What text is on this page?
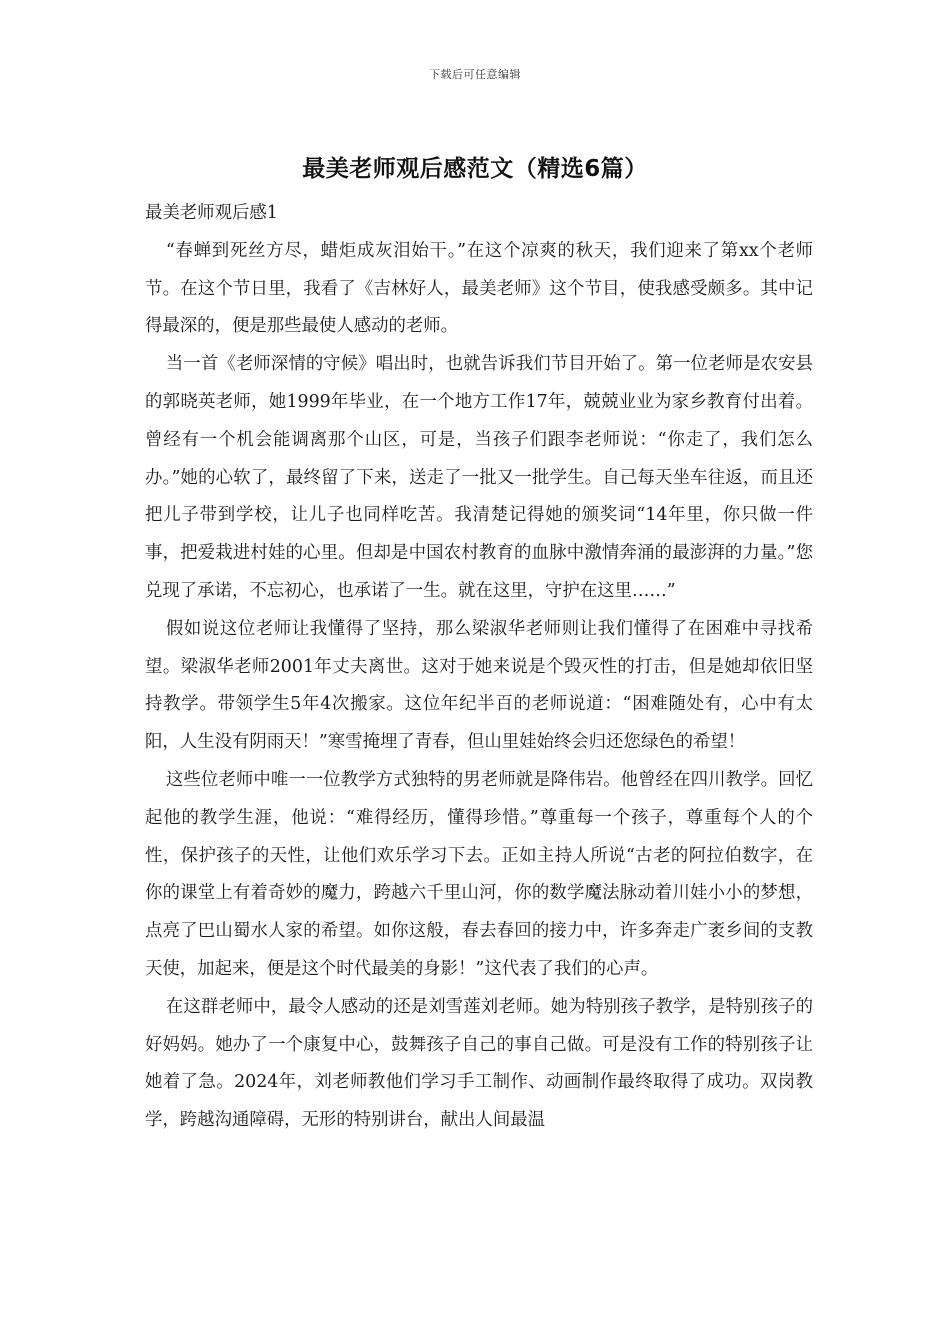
下载后可任意编辑
最美老师观后感范文（精选6篇）

最美老师观后感1

“春蝉到死丝方尽，蜡炬成灰泪始干。”在这个凉爽的秋天，我们迎来了第xx个老师节。在这个节日里，我看了《吉林好人，最美老师》这个节目，使我感受颇多。其中记得最深的，便是那些最使人感动的老师。

当一首《老师深情的守候》唱出时，也就告诉我们节目开始了。第一位老师是农安县的郭晓英老师，她1999年毕业，在一个地方工作17年，兢兢业业为家乡教育付出着。曾经有一个机会能调离那个山区，可是，当孩子们跟李老师说：“你走了，我们怎么办。”她的心软了，最终留了下来，送走了一批又一批学生。自己每天坐车往返，而且还把儿子带到学校，让儿子也同样吃苦。我清楚记得她的颁奖词“14年里，你只做一件事，把爱栽进村娃的心里。但却是中国农村教育的血脉中激情奔涌的最澎湃的力量。”您兑现了承诺，不忘初心，也承诺了一生。就在这里，守护在这里……”

假如说这位老师让我懂得了坚持，那么梁淑华老师则让我们懂得了在困难中寻找希望。梁淑华老师2001年丈夫离世。这对于她来说是个毁灭性的打击，但是她却依旧坚持教学。带领学生5年4次搬家。这位年纪半百的老师说道：“困难随处有，心中有太阳，人生没有阴雨天！”寒雪掩埋了青春，但山里娃始终会归还您绿色的希望！

这些位老师中唯一一位教学方式独特的男老师就是降伟岩。他曾经在四川教学。回忆起他的教学生涯，他说：“难得经历，懂得珍惜。”尊重每一个孩子，尊重每个人的个性，保护孩子的天性，让他们欢乐学习下去。正如主持人所说“古老的阿拉伯数字，在你的课堂上有着奇妙的魔力，跨越六千里山河，你的数学魔法脉动着川娃小小的梦想，点亮了巴山蜀水人家的希望。如你这般，春去春回的接力中，许多奔走广袤乡间的支教天使，加起来，便是这个时代最美的身影！”这代表了我们的心声。

在这群老师中，最令人感动的还是刘雪莲刘老师。她为特别孩子教学，是特别孩子的好妈妈。她办了一个康复中心，鼓舞孩子自己的事自己做。可是没有工作的特别孩子让她着了急。2024年，刘老师教他们学习手工制作、动画制作最终取得了成功。双岗教学，跨越沟通障碍，无形的特别讲台，献出人间最温
